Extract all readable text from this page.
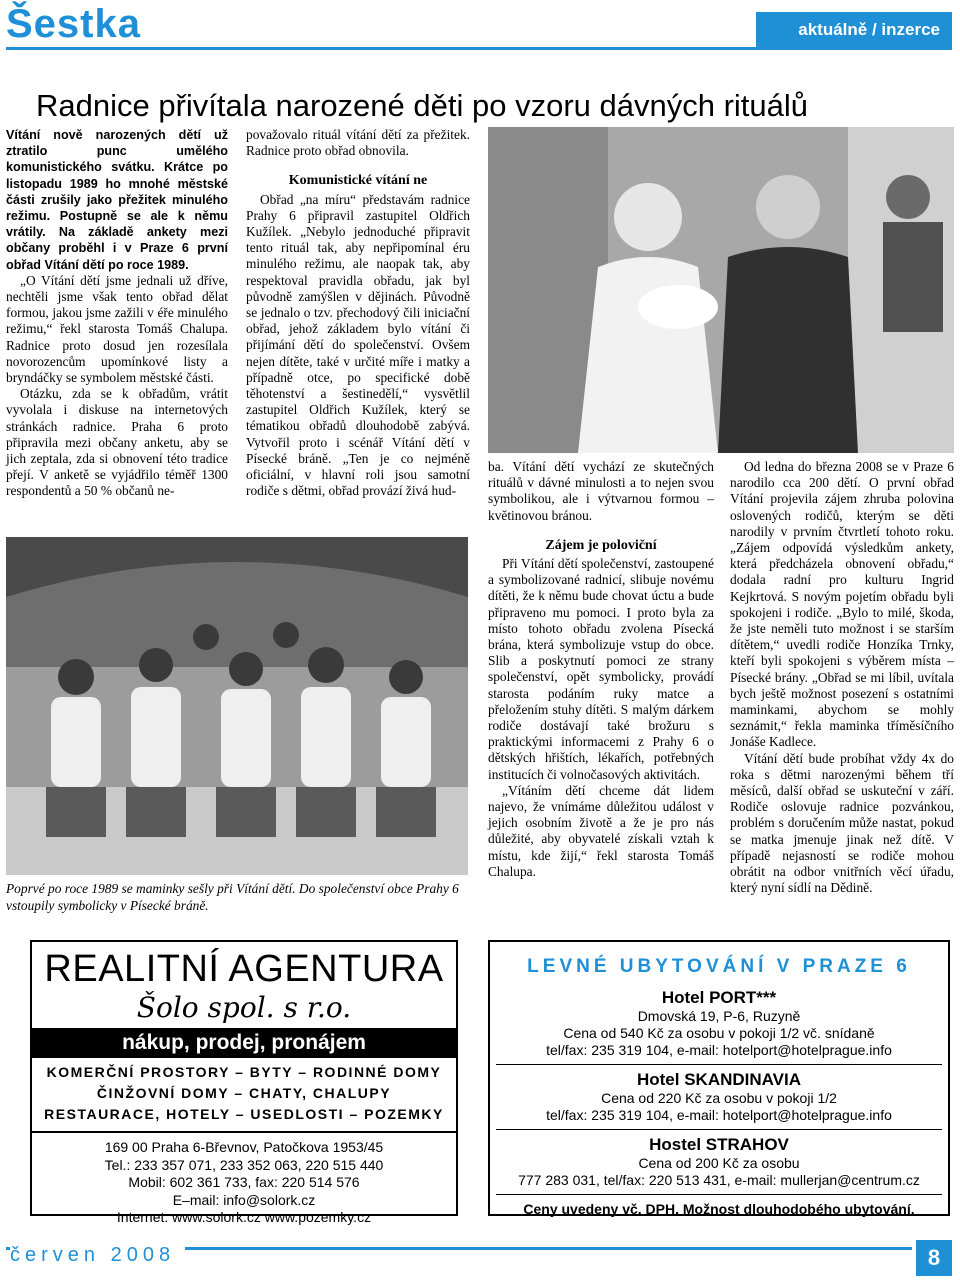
Šestka	aktuálně / inzerce
Radnice přivítala narozené děti po vzoru dávných rituálů

Vítání nově narozených dětí už ztratilo punc umělého komunistického svátku. Krátce po listopadu 1989 ho mnohé městské části zrušily jako přežitek minulého režimu. Postupně se ale k němu vrátily. Na základě ankety mezi občany proběhl i v Praze 6 první obřad Vítání dětí po roce 1989.

„O Vítání dětí jsme jednali už dříve, nechtěli jsme však tento obřad dělat formou, jakou jsme zažili v éře minulého režimu,“ řekl starosta Tomáš Chalupa. Radnice proto dosud jen rozesílala novorozencům upomínkové listy a bryndáčky se symbolem městské části.

Otázku, zda se k obřadům, vrátit vyvolala i diskuse na internetových stránkách radnice. Praha 6 proto připravila mezi občany anketu, aby se jich zeptala, zda si obnovení této tradice přejí. V anketě se vyjádřilo téměř 1300 respondentů a 50 % občanů ne-

považovalo rituál vítání dětí za přežitek. Radnice proto obřad obnovila.

Komunistické vítání ne

Obřad „na míru“ představám radnice Prahy 6 připravil zastupitel Oldřich Kužílek. „Nebylo jednoduché připravit tento rituál tak, aby nepřipomínal éru minulého režimu, ale naopak tak, aby respektoval pravidla obřadu, jak byl původně zamýšlen v dějinách. Původně se jednalo o tzv. přechodový čili iniciační obřad, jehož základem bylo vítání či přijímání dětí do společenství. Ovšem nejen dítěte, také v určité míře i matky a případně otce, po specifické době těhotenství a šestinedělí,“ vysvětlil zastupitel Oldřich Kužílek, který se tématikou obřadů dlouhodobě zabývá. Vytvořil proto i scénář Vítání dětí v Písecké bráně. „Ten je co nejméně oficiální, v hlavní roli jsou samotní rodiče s dětmi, obřad provází živá hud-

ba. Vítání dětí vychází ze skutečných rituálů v dávné minulosti a to nejen svou symbolikou, ale i výtvarnou formou – květinovou bránou.

Zájem je poloviční

Při Vítání dětí společenství, zastoupené a symbolizované radnicí, slibuje novému dítěti, že k němu bude chovat úctu a bude připraveno mu pomoci. I proto byla za místo tohoto obřadu zvolena Písecká brána, která symbolizuje vstup do obce. Slib a poskytnutí pomoci ze strany společenství, opět symbolicky, provádí starosta podáním ruky matce a přeložením stuhy dítěti. S malým dárkem rodiče dostávají také brožuru s praktickými informacemi z Prahy 6 o dětských hřištích, lékařích, potřebných institucích či volnočasových aktivitách.

„Vítáním dětí chceme dát lidem najevo, že vnímáme důležitou událost v jejich osobním životě a že je pro nás důležité, aby obyvatelé získali vztah k místu, kde žijí,“ řekl starosta Tomáš Chalupa.

Od ledna do března 2008 se v Praze 6 narodilo cca 200 dětí. O první obřad Vítání projevila zájem zhruba polovina oslovených rodičů, kterým se děti narodily v prvním čtvrtletí tohoto roku. „Zájem odpovídá výsledkům ankety, která předcházela obnovení obřadu,“ dodala radní pro kulturu Ingrid Kejkrtová. S novým pojetím obřadu byli spokojeni i rodiče. „Bylo to milé, škoda, že jste neměli tuto možnost i se starším dítětem,“ uvedli rodiče Honzíka Trnky, kteří byli spokojeni s výběrem místa – Písecké brány. „Obřad se mi líbil, uvítala bych ještě možnost posezení s ostatními maminkami, abychom se mohly seznámit,“ řekla maminka tříměsíčního Jonáše Kadlece.

Vítání dětí bude probíhat vždy 4x do roka s dětmi narozenými během tří měsíců, další obřad se uskuteční v září. Rodiče oslovuje radnice pozvánkou, problém s doručením může nastat, pokud se matka jmenuje jinak než dítě. V případě nejasností se rodiče mohou obrátit na odbor vnitřních věcí úřadu, který nyní sídlí na Dědině.

Poprvé po roce 1989 se maminky sešly při Vítání dětí. Do společenství obce Prahy 6 vstoupily symbolicky v Písecké bráně.
REALITNÍ AGENTURA
Šolo spol. s r.o.
nákup, prodej, pronájem
KOMERČNÍ PROSTORY – BYTY – RODINNÉ DOMY
ČINŽOVNÍ DOMY – CHATY, CHALUPY
RESTAURACE, HOTELY – USEDLOSTI – POZEMKY
169 00 Praha 6-Břevnov, Patočkova 1953/45
Tel.: 233 357 071, 233 352 063, 220 515 440
Mobil: 602 361 733, fax: 220 514 576
E–mail: info@solork.cz
Internet: www.solork.cz www.pozemky.cz
LEVNÉ UBYTOVÁNÍ V PRAZE 6
Hotel PORT***
Dmovská 19, P-6, Ruzyně
Cena od 540 Kč za osobu v pokoji 1/2 vč. snídaně
tel/fax: 235 319 104, e-mail: hotelport@hotelprague.info
Hotel SKANDINAVIA
Cena od 220 Kč za osobu v pokoji 1/2
tel/fax: 235 319 104, e-mail: hotelport@hotelprague.info
Hostel STRAHOV
Cena od 200 Kč za osobu
777 283 031, tel/fax: 220 513 431, e-mail: mullerjan@centrum.cz
Ceny uvedeny vč. DPH. Možnost dlouhodobého ubytování.
červen 2008	8
